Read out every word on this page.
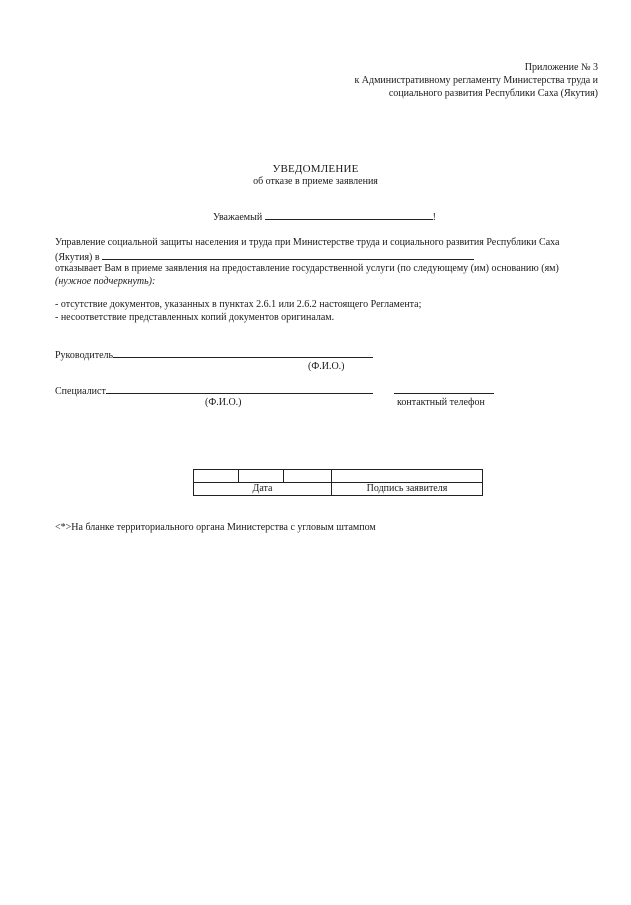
Приложение № 3
к Административному регламенту Министерства труда и
социального развития Республики Саха (Якутия)
УВЕДОМЛЕНИЕ
об отказе в приеме заявления
Уважаемый	!
Управление социальной защиты населения и труда при Министерстве труда и социального развития Республики Саха
(Якутия) в
отказывает Вам в приеме заявления на предоставление государственной услуги (по следующему (им) основанию (ям)
(нужное подчеркнуть):
- отсутствие документов, указанных в пунктах 2.6.1 или 2.6.2 настоящего Регламента;
- несоответствие представленных копий документов оригиналам.
Руководитель
(Ф.И.О.)
Специалист
(Ф.И.О.)	контактный телефон

Дата			Подпись заявителя
<*>На бланке территориального органа Министерства с угловым штампом
